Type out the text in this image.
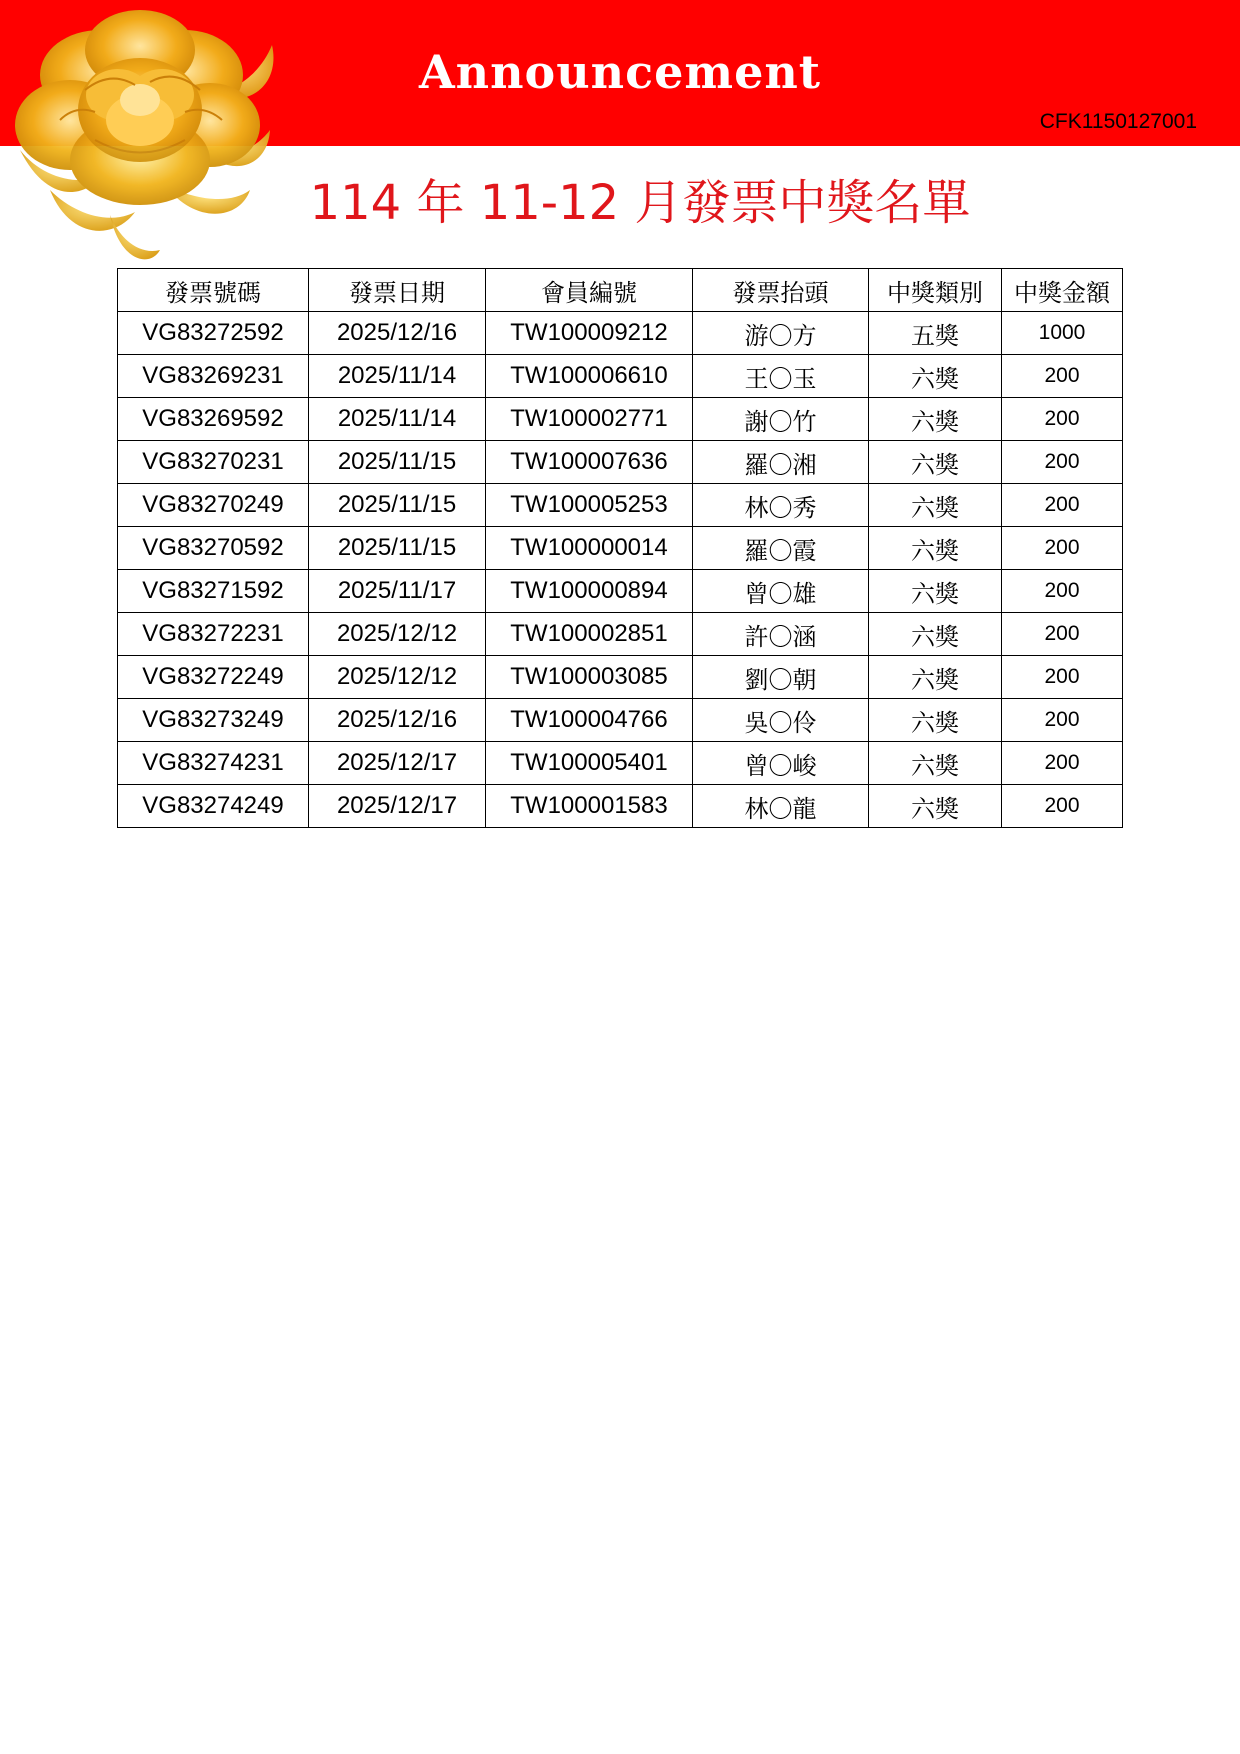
Announcement
CFK1150127001
114 年 11-12 月發票中獎名單
發票號碼	發票日期	會員編號	發票抬頭	中獎類別	中獎金額
VG83272592	2025/12/16	TW100009212	游〇方	五獎	1000
VG83269231	2025/11/14	TW100006610	王〇玉	六獎	200
VG83269592	2025/11/14	TW100002771	謝〇竹	六獎	200
VG83270231	2025/11/15	TW100007636	羅〇湘	六獎	200
VG83270249	2025/11/15	TW100005253	林〇秀	六獎	200
VG83270592	2025/11/15	TW100000014	羅〇霞	六獎	200
VG83271592	2025/11/17	TW100000894	曾〇雄	六獎	200
VG83272231	2025/12/12	TW100002851	許〇涵	六獎	200
VG83272249	2025/12/12	TW100003085	劉〇朝	六獎	200
VG83273249	2025/12/16	TW100004766	吳〇伶	六獎	200
VG83274231	2025/12/17	TW100005401	曾〇峻	六獎	200
VG83274249	2025/12/17	TW100001583	林〇龍	六獎	200
